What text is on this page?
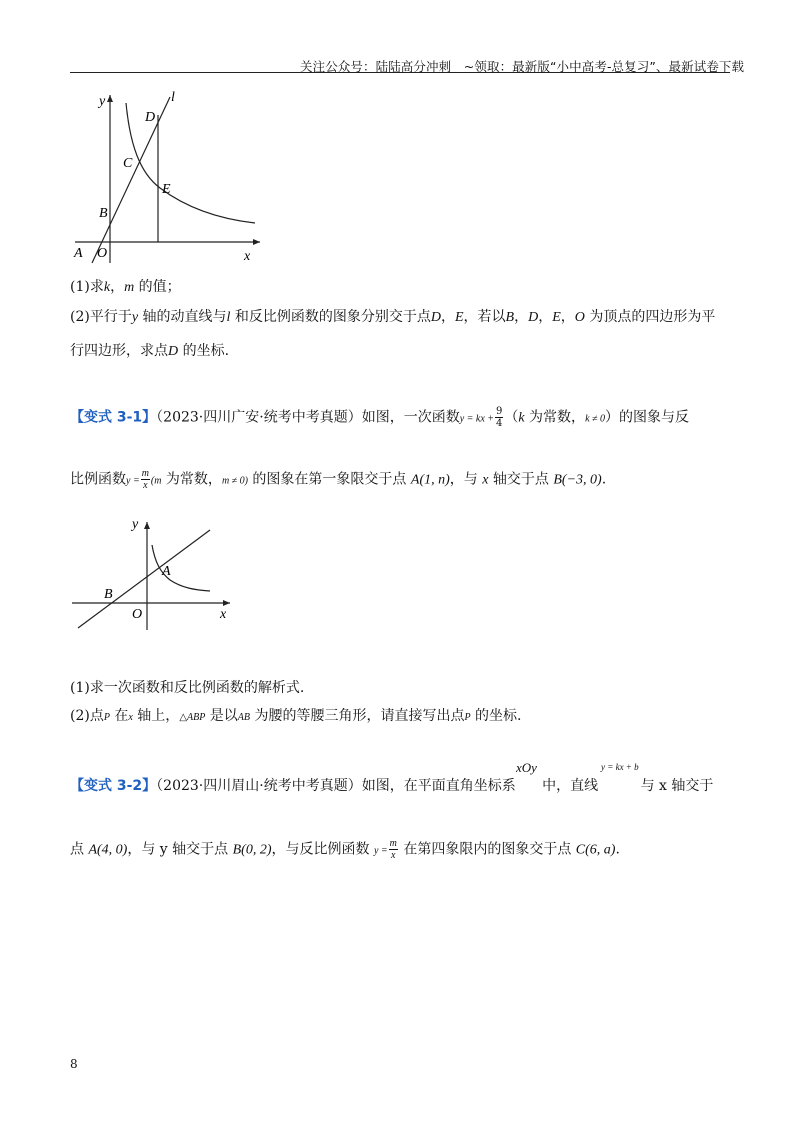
关注公众号：陆陆高分冲刺　~领取：最新版“小中高考-总复习”、最新试卷下载
y	l
D
C
E
B
A O	x
(1)求k，m 的值；
(2)平行于y 轴的动直线与l 和反比例函数的图象分别交于点D，E，若以B，D，E，O 为顶点的四边形为平
行四边形，求点D 的坐标.
【变式 3-1】（2023·四川广安·统考中考真题）如图，一次函数y = kx + $\frac{9}{4} (k$ 为常数，k ≠ 0）的图象与反
比例函数$y = \frac{m}{x} (m$ 为常数，m ≠ 0) 的图象在第一象限交于点 A(1, n)，与 x 轴交于点 B(−3, 0).
y
A
B
O	x
(1)求一次函数和反比例函数的解析式.
(2)点P 在x 轴上，△ABP 是以AB 为腰的等腰三角形，请直接写出点P 的坐标.
xOy	y = kx + b
【变式 3-2】（2023·四川眉山·统考中考真题）如图，在平面直角坐标系 中，直线	与 x 轴交于
点 A(4, 0)，与 y 轴交于点 B(0, 2)，与反比例函数 $y = \frac{m}{x}$ 在第四象限内的图象交于点 C(6, a).
8
